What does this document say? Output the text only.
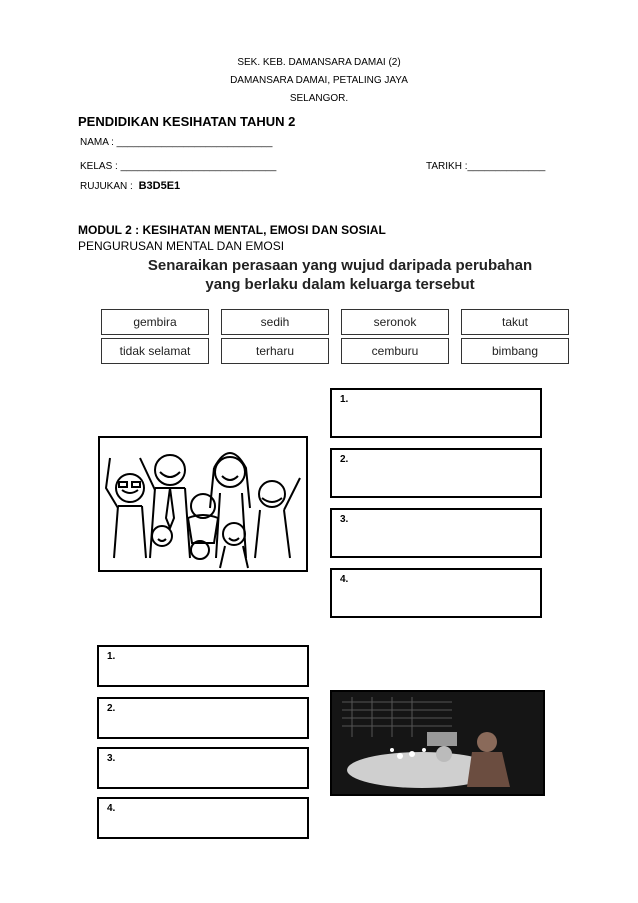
SEK. KEB. DAMANSARA DAMAI (2)
DAMANSARA DAMAI, PETALING JAYA
SELANGOR.
PENDIDIKAN KESIHATAN TAHUN 2
NAMA : ____________________________
KELAS : ____________________________	TARIKH :______________
RUJUKAN : B3D5E1
MODUL 2 : KESIHATAN MENTAL, EMOSI DAN SOSIAL
PENGURUSAN MENTAL DAN EMOSI
Senaraikan perasaan yang wujud daripada perubahan
yang berlaku dalam keluarga tersebut
gembira	sedih	seronok	takut
tidak selamat	terharu	cemburu	bimbang
1.
2.
3.
4.
1.
2.
3.
4.
